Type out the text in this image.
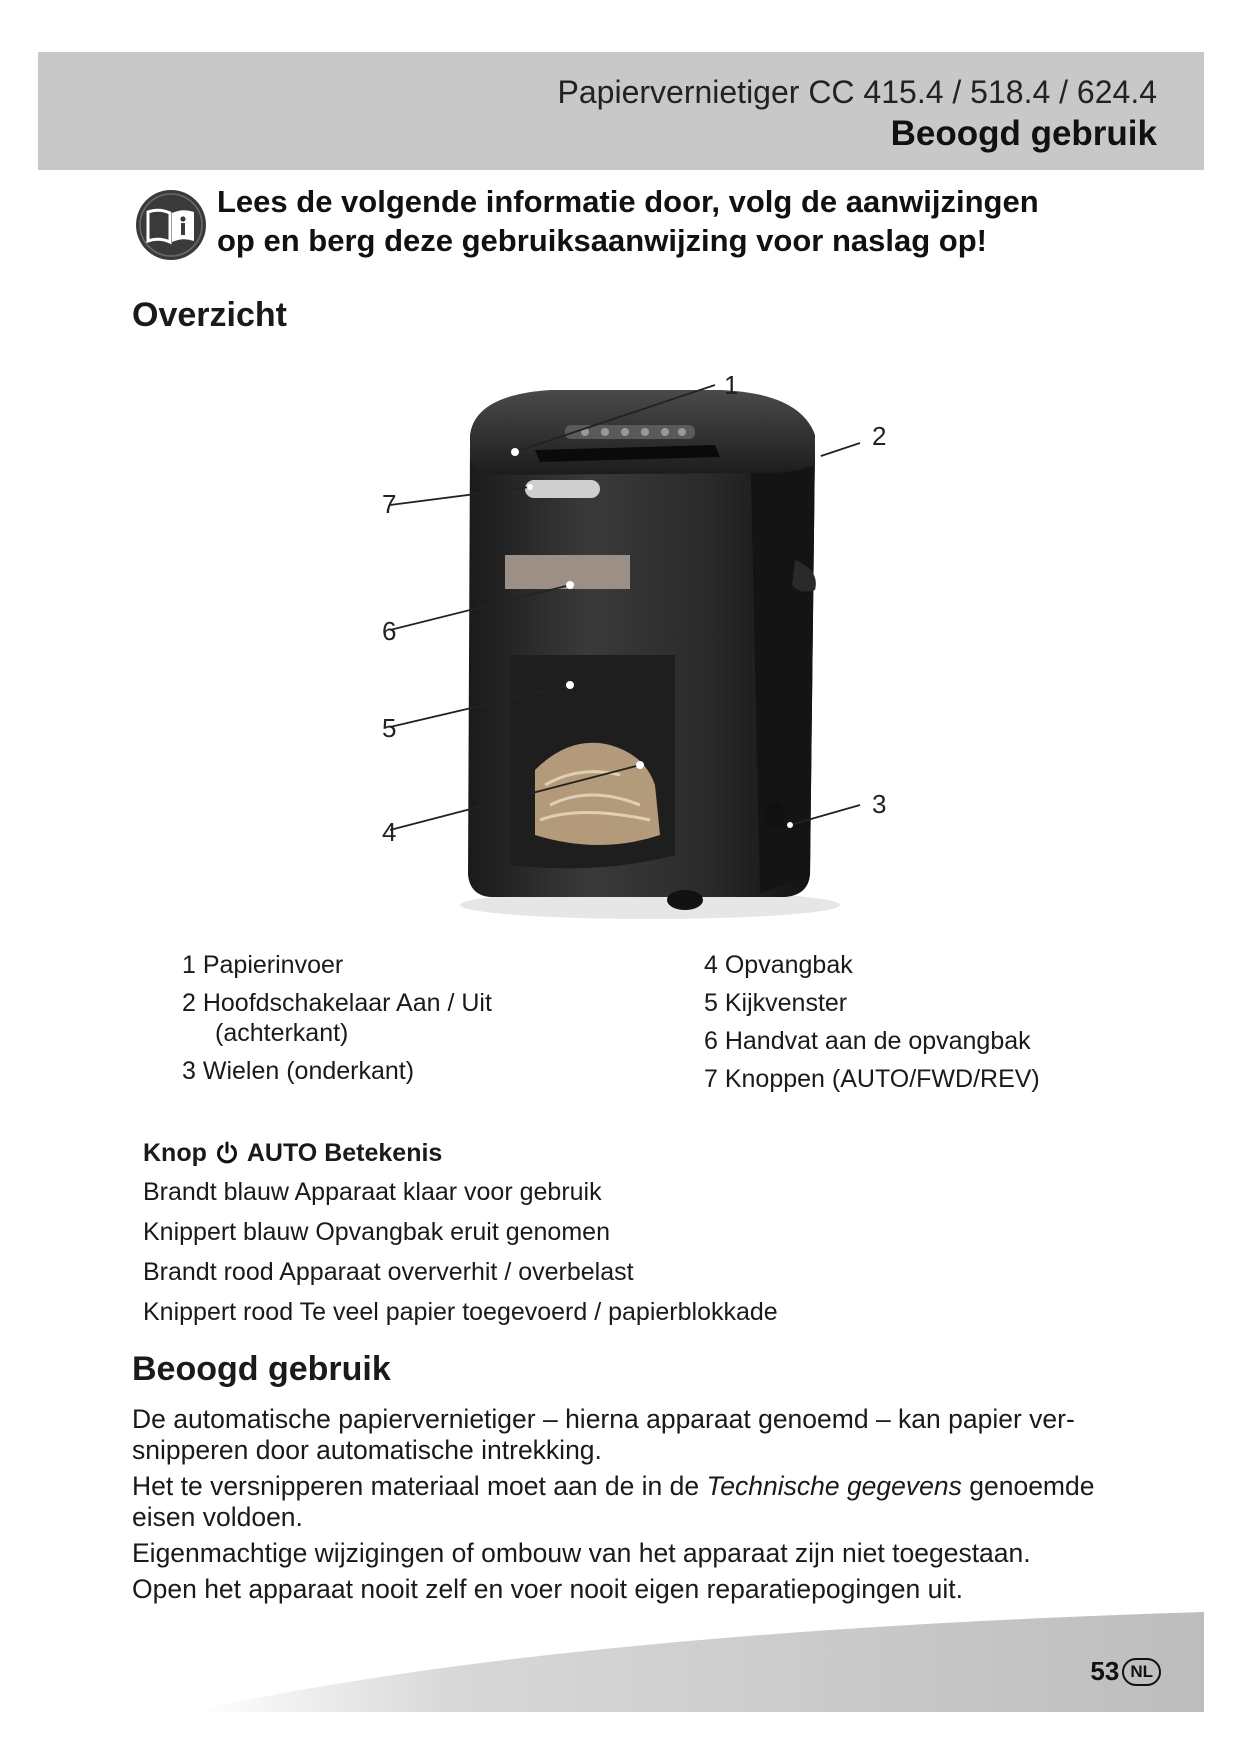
Papiervernietiger CC 415.4 / 518.4 / 624.4
Beoogd gebruik
Lees de volgende informatie door, volg de aanwijzingen
op en berg deze gebruiksaanwijzing voor naslag op!
Overzicht
1
2
3
4
5
6
7
1 Papierinvoer
2 Hoofdschakelaar Aan / Uit
(achterkant)
3 Wielen (onderkant)
4 Opvangbak
5 Kijkvenster
6 Handvat aan de opvangbak
7 Knoppen (AUTO/FWD/REV)
Knop AUTO Betekenis
Brandt blauw Apparaat klaar voor gebruik
Knippert blauw Opvangbak eruit genomen
Brandt rood Apparaat oververhit / overbelast
Knippert rood Te veel papier toegevoerd / papierblokkade
Beoogd gebruik

De automatische papiervernietiger – hierna apparaat genoemd – kan papier ver-snipperen door automatische intrekking.

Het te versnipperen materiaal moet aan de in de Technische gegevens genoemde eisen voldoen.

Eigenmachtige wijzigingen of ombouw van het apparaat zijn niet toegestaan.

Open het apparaat nooit zelf en voer nooit eigen reparatiepogingen uit.

53 NL
